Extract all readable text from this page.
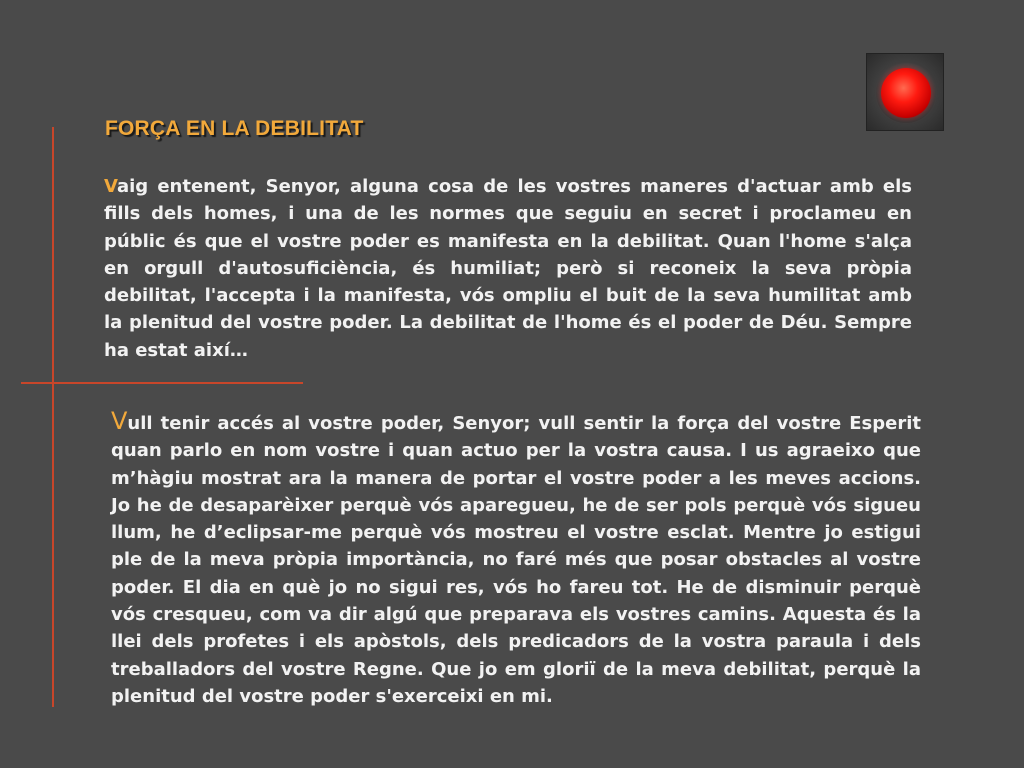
FORÇA EN LA DEBILITAT

Vaig entenent, Senyor, alguna cosa de les vostres maneres d'actuar amb els fills dels homes, i una de les normes que seguiu en secret i proclameu en públic és que el vostre poder es manifesta en la debilitat. Quan l'home s'alça en orgull d'autosuficiència, és humiliat; però si reconeix la seva pròpia debilitat, l'accepta i la manifesta, vós ompliu el buit de la seva humilitat amb la plenitud del vostre poder. La debilitat de l'home és el poder de Déu. Sempre ha estat així…

Vull tenir accés al vostre poder, Senyor; vull sentir la força del vostre Esperit quan parlo en nom vostre i quan actuo per la vostra causa. I us agraeixo que m’hàgiu mostrat ara la manera de portar el vostre poder a les meves accions. Jo he de desaparèixer perquè vós aparegueu, he de ser pols perquè vós sigueu llum, he d’eclipsar-me perquè vós mostreu el vostre esclat. Mentre jo estigui ple de la meva pròpia importància, no faré més que posar obstacles al vostre poder. El dia en què jo no sigui res, vós ho fareu tot. He de disminuir perquè vós cresqueu, com va dir algú que preparava els vostres camins. Aquesta és la llei dels profetes i els apòstols, dels predicadors de la vostra paraula i dels treballadors del vostre Regne. Que jo em gloriï de la meva debilitat, perquè la plenitud del vostre poder s'exerceixi en mi.
